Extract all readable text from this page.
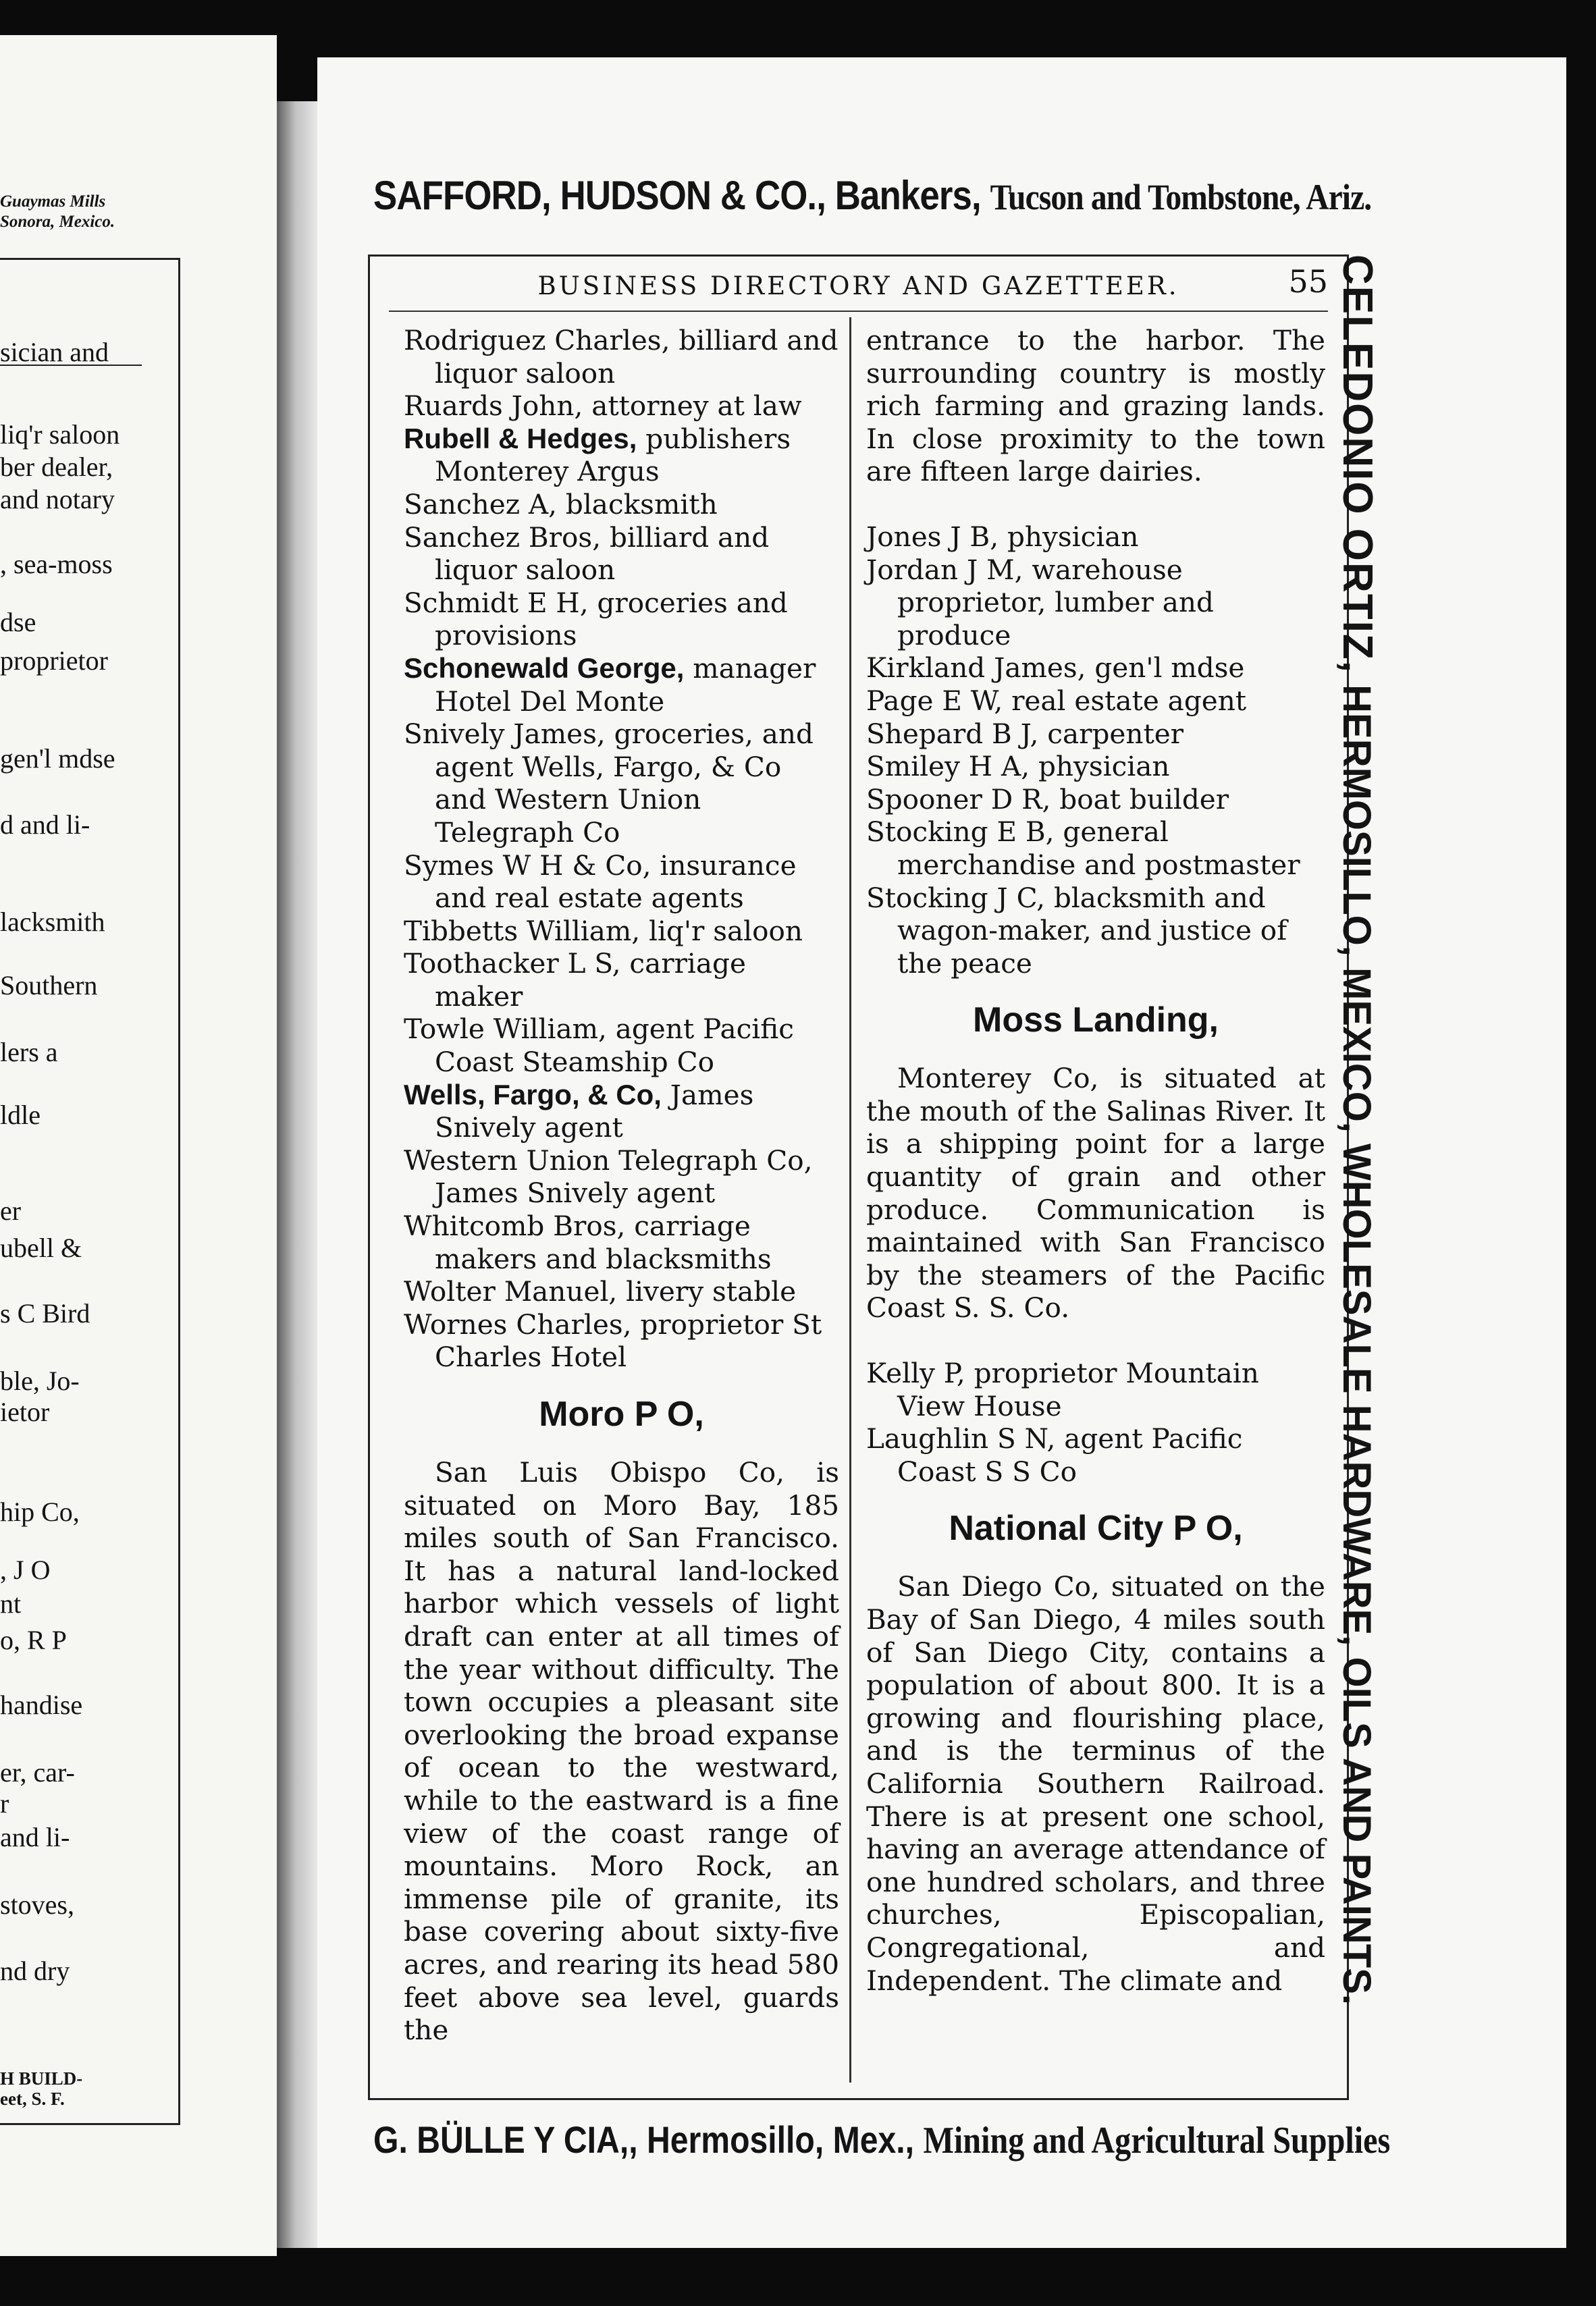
Guaymas Mills
Sonora, Mexico.
sician and
liq'r saloon
ber dealer,
and notary
, sea-moss
dse
proprietor
gen'l mdse
d and li-
lacksmith
Southern
lers a
ldle
er
ubell &
s C Bird
ble, Jo-
ietor
hip Co,
, J O
nt
o, R P
handise
er, car-
r
and li-
stoves,
nd dry
H BUILD-
eet, S. F.
SAFFORD, HUDSON & CO., Bankers, Tucson and Tombstone, Ariz.
BUSINESS DIRECTORY AND GAZETTEER.	55

Rodriguez Charles, billiard and liquor saloon

Ruards John, attorney at law

Rubell & Hedges, publishers Monterey Argus

Sanchez A, blacksmith

Sanchez Bros, billiard and liquor saloon

Schmidt E H, groceries and provisions

Schonewald George, manager Hotel Del Monte

Snively James, groceries, and agent Wells, Fargo, & Co and Western Union Telegraph Co

Symes W H & Co, insurance and real estate agents

Tibbetts William, liq'r saloon

Toothacker L S, carriage maker

Towle William, agent Pacific Coast Steamship Co

Wells, Fargo, & Co, James Snively agent

Western Union Telegraph Co, James Snively agent

Whitcomb Bros, carriage makers and blacksmiths

Wolter Manuel, livery stable

Wornes Charles, proprietor St Charles Hotel

Moro P O,

San Luis Obispo Co, is situated on Moro Bay, 185 miles south of San Francisco. It has a natural land-locked harbor which vessels of light draft can enter at all times of the year without difficulty. The town occupies a pleasant site overlooking the broad expanse of ocean to the westward, while to the eastward is a fine view of the coast range of mountains. Moro Rock, an immense pile of granite, its base covering about sixty-five acres, and rearing its head 580 feet above sea level, guards the

entrance to the harbor. The surrounding country is mostly rich farming and grazing lands. In close proximity to the town are fifteen large dairies.

Jones J B, physician

Jordan J M, warehouse proprietor, lumber and produce

Kirkland James, gen'l mdse

Page E W, real estate agent

Shepard B J, carpenter

Smiley H A, physician

Spooner D R, boat builder

Stocking E B, general merchandise and postmaster

Stocking J C, blacksmith and wagon-maker, and justice of the peace

Moss Landing,

Monterey Co, is situated at the mouth of the Salinas River. It is a shipping point for a large quantity of grain and other produce. Communication is maintained with San Francisco by the steamers of the Pacific Coast S. S. Co.

Kelly P, proprietor Mountain View House

Laughlin S N, agent Pacific Coast S S Co

National City P O,

San Diego Co, situated on the Bay of San Diego, 4 miles south of San Diego City, contains a population of about 800. It is a growing and flourishing place, and is the terminus of the California Southern Railroad. There is at present one school, having an average attendance of one hundred scholars, and three churches, Episcopalian, Congregational, and Independent. The climate and

CELEDONIO ORTIZ, HERMOSILLO, MEXICO, WHOLESALE HARDWARE, OILS AND PAINTS.
G. BÜLLE Y CIA,, Hermosillo, Mex., Mining and Agricultural Supplies
